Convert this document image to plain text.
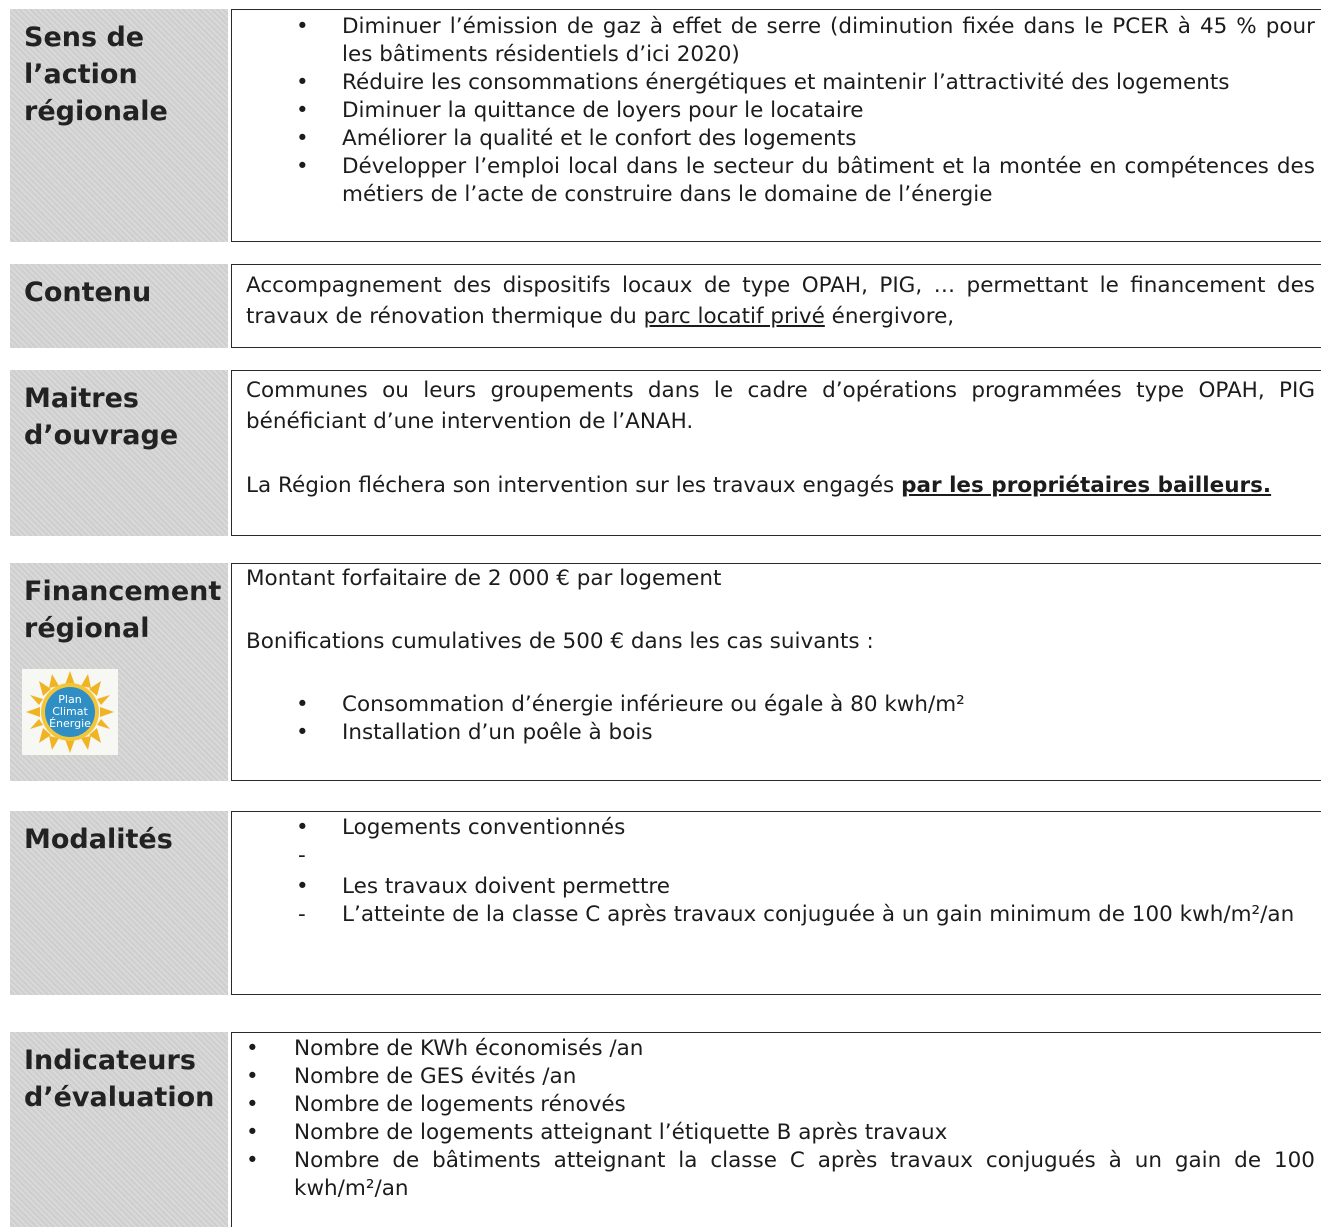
Sens de
l’action
régionale
• Diminuer l’émission de gaz à effet de serre (diminution fixée dans le PCER à 45 % pour les bâtiments résidentiels d’ici 2020)
• Réduire les consommations énergétiques et maintenir l’attractivité des logements
• Diminuer la quittance de loyers pour le locataire
• Améliorer la qualité et le confort des logements
• Développer l’emploi local dans le secteur du bâtiment et la montée en compétences des métiers de l’acte de construire dans le domaine de l’énergie
Contenu	Accompagnement des dispositifs locaux de type OPAH, PIG, … permettant le financement des travaux de rénovation thermique du parc locatif privé énergivore,

Maitres
d’ouvrage

Communes ou leurs groupements dans le cadre d’opérations programmées type OPAH, PIG bénéficiant d’une intervention de l’ANAH.

La Région fléchera son intervention sur les travaux engagés par les propriétaires bailleurs.

Financement
régional
Plan
Climat
Énergie

Montant forfaitaire de 2 000 € par logement

Bonifications cumulatives de 500 € dans les cas suivants :

• Consommation d’énergie inférieure ou égale à 80 kwh/m²
• Installation d’un poêle à bois
Modalités	• Logements conventionnés
-
• Les travaux doivent permettre
- L’atteinte de la classe C après travaux conjuguée à un gain minimum de 100 kwh/m²/an
Indicateurs
d’évaluation
• Nombre de KWh économisés /an
• Nombre de GES évités /an
• Nombre de logements rénovés
• Nombre de logements atteignant l’étiquette B après travaux
• Nombre de bâtiments atteignant la classe C après travaux conjugués à un gain de 100 kwh/m²/an
